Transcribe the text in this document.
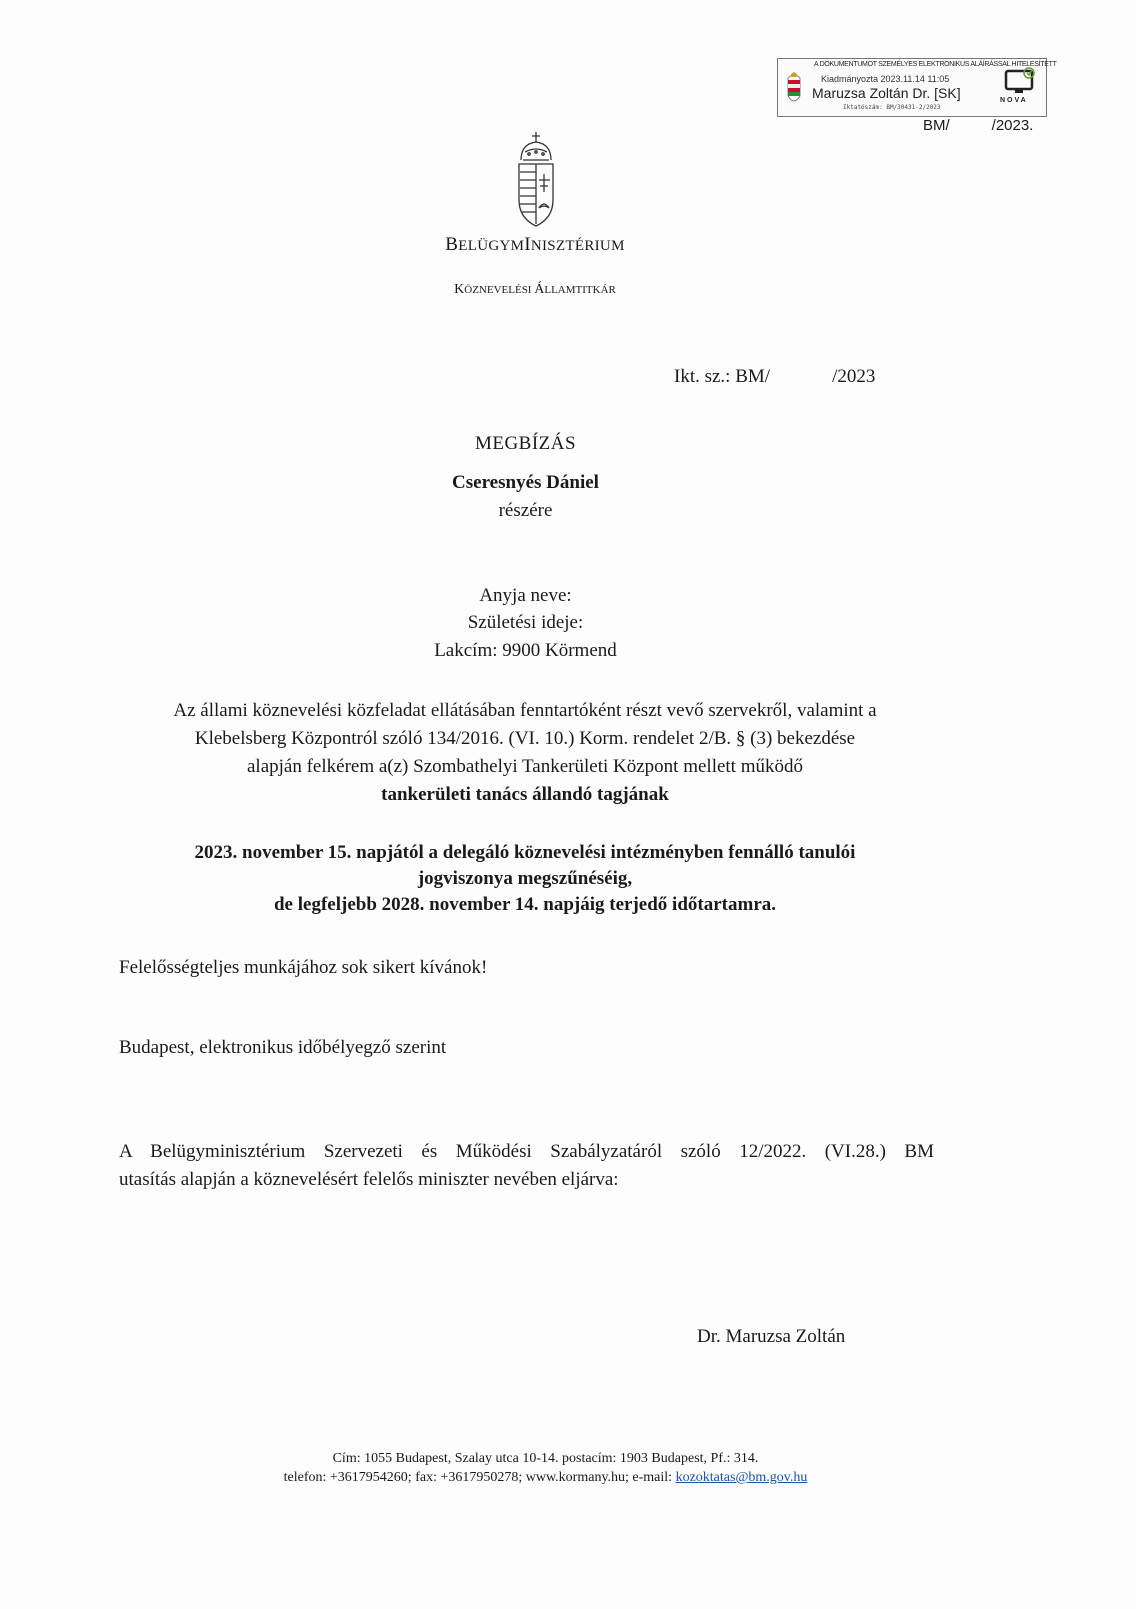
A DOKUMENTUMOT SZEMÉLYES ELEKTRONIKUS ALÁÍRÁSSAL HITELESÍTETT
Kiadmányozta 2023.11.14 11:05
Maruzsa Zoltán Dr. [SK]
Iktatószám: BM/30431-2/2023
NOVA
BM/	/2023.
BELÜGYMINISZTÉRIUM
KÖZNEVELÉSI ÁLLAMTITKÁR
Ikt. sz.: BM/	/2023
MEGBÍZÁS
Cseresnyés Dániel
részére
Anyja neve:
Születési ideje:
Lakcím: 9900 Körmend
Az állami köznevelési közfeladat ellátásában fenntartóként részt vevő szervekről, valamint a
Klebelsberg Központról szóló 134/2016. (VI. 10.) Korm. rendelet 2/B. § (3) bekezdése
alapján felkérem a(z) Szombathelyi Tankerületi Központ mellett működő
tankerületi tanács állandó tagjának
2023. november 15. napjától a delegáló köznevelési intézményben fennálló tanulói
jogviszonya megszűnéséig,
de legfeljebb 2028. november 14. napjáig terjedő időtartamra.
Felelősségteljes munkájához sok sikert kívánok!
Budapest, elektronikus időbélyegző szerint
A Belügyminisztérium Szervezeti és Működési Szabályzatáról szóló 12/2022. (VI.28.) BM
utasítás alapján a köznevelésért felelős miniszter nevében eljárva:
Dr. Maruzsa Zoltán
Cím: 1055 Budapest, Szalay utca 10-14. postacím: 1903 Budapest, Pf.: 314.
telefon: +3617954260; fax: +3617950278; www.kormany.hu; e-mail: kozoktatas@bm.gov.hu
